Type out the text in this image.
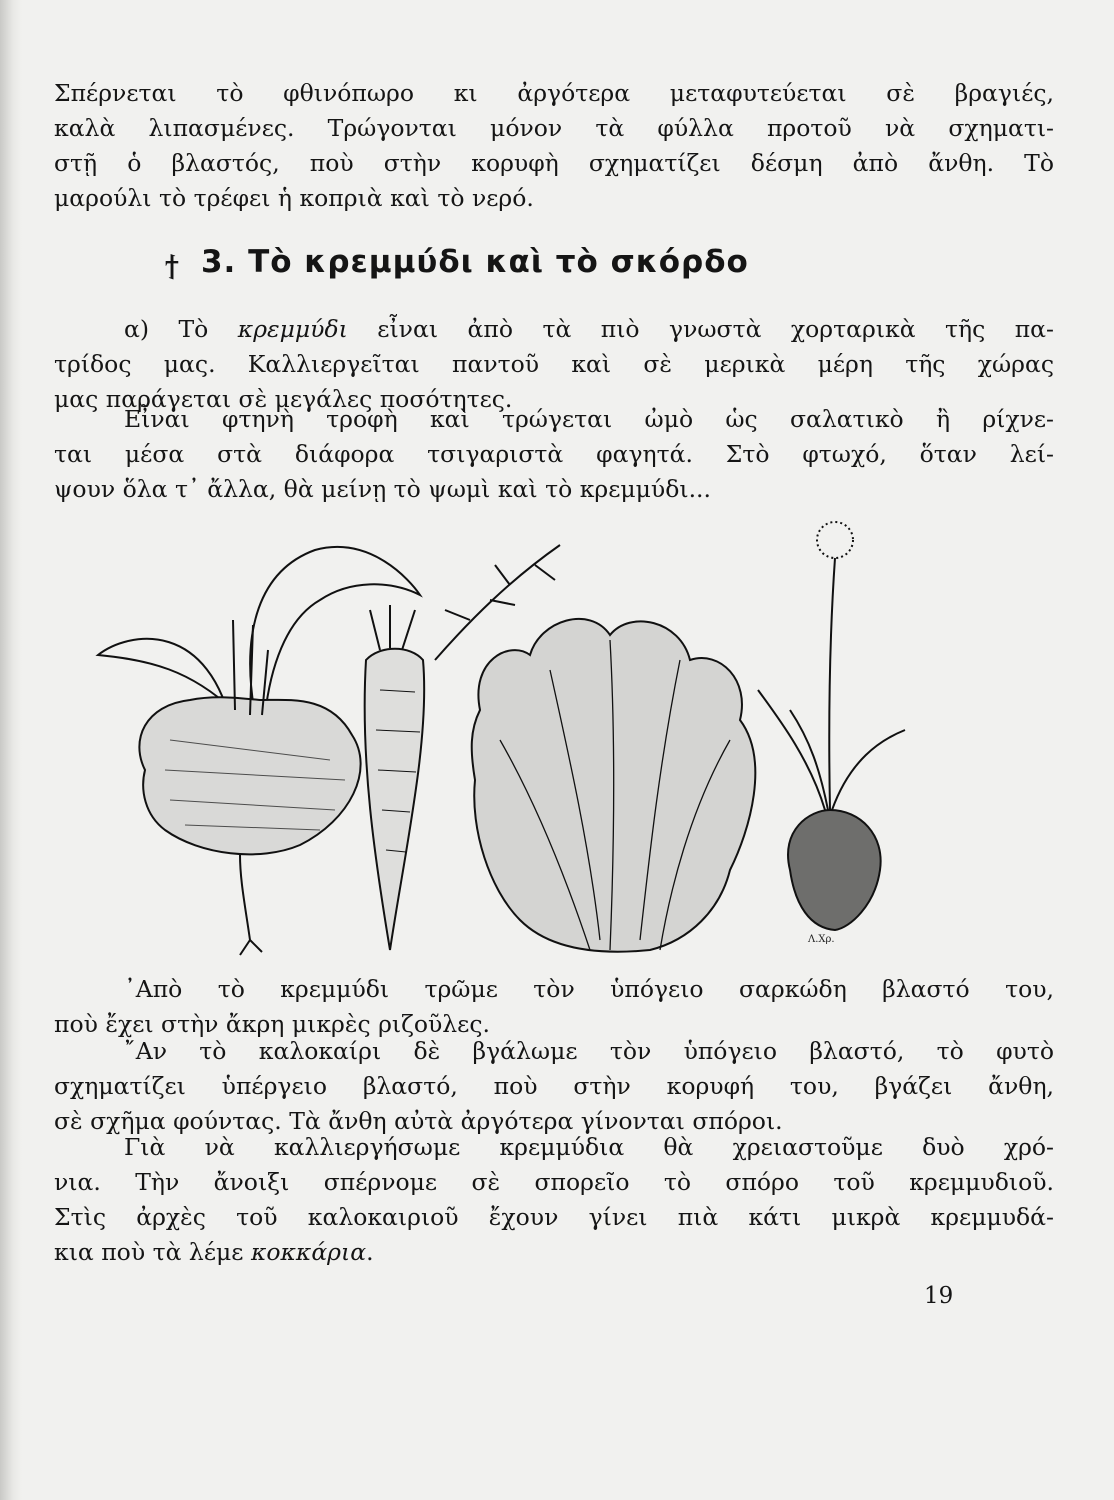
Σπέρνεται τὸ φθινόπωρο κι ἀργότερα μεταφυτεύεται σὲ βραγιές,
καλὰ λιπασμένες. Τρώγονται μόνον τὰ φύλλα προτοῦ νὰ σχηματι-
στῇ ὁ βλαστός, ποὺ στὴν κορυφὴ σχηματίζει δέσμη ἀπὸ ἄνθη. Τὸ
μαρούλι τὸ τρέφει ἡ κοπριὰ καὶ τὸ νερό.

ϯ 3. Τὸ κρεμμύδι καὶ τὸ σκόρδο

α) Τὸ κρεμμύδι εἶναι ἀπὸ τὰ πιὸ γνωστὰ χορταρικὰ τῆς πα-
τρίδος μας. Καλλιεργεῖται παντοῦ καὶ σὲ μερικὰ μέρη τῆς χώρας
μας παράγεται σὲ μεγάλες ποσότητες.

Εἶναι φτηνὴ τροφὴ καὶ τρώγεται ὠμὸ ὡς σαλατικὸ ἢ ρίχνε-
ται μέσα στὰ διάφορα τσιγαριστὰ φαγητά. Στὸ φτωχό, ὅταν λεί-
ψουν ὅλα τ᾽ ἄλλα, θὰ μείνῃ τὸ ψωμὶ καὶ τὸ κρεμμύδι...

Λ.Χρ.

᾿Απὸ τὸ κρεμμύδι τρῶμε τὸν ὑπόγειο σαρκώδη βλαστό του,
ποὺ ἔχει στὴν ἄκρη μικρὲς ριζοῦλες.

῎Αν τὸ καλοκαίρι δὲ βγάλωμε τὸν ὑπόγειο βλαστό, τὸ φυτὸ
σχηματίζει ὑπέργειο βλαστό, ποὺ στὴν κορυφή του, βγάζει ἄνθη,
σὲ σχῆμα φούντας. Τὰ ἄνθη αὐτὰ ἀργότερα γίνονται σπόροι.

Γιὰ νὰ καλλιεργήσωμε κρεμμύδια θὰ χρειαστοῦμε δυὸ χρό-
νια. Τὴν ἄνοιξι σπέρνομε σὲ σπορεῖο τὸ σπόρο τοῦ κρεμμυδιοῦ.
Στὶς ἀρχὲς τοῦ καλοκαιριοῦ ἔχουν γίνει πιὰ κάτι μικρὰ κρεμμυδά-
κια ποὺ τὰ λέμε κοκκάρια.

19
